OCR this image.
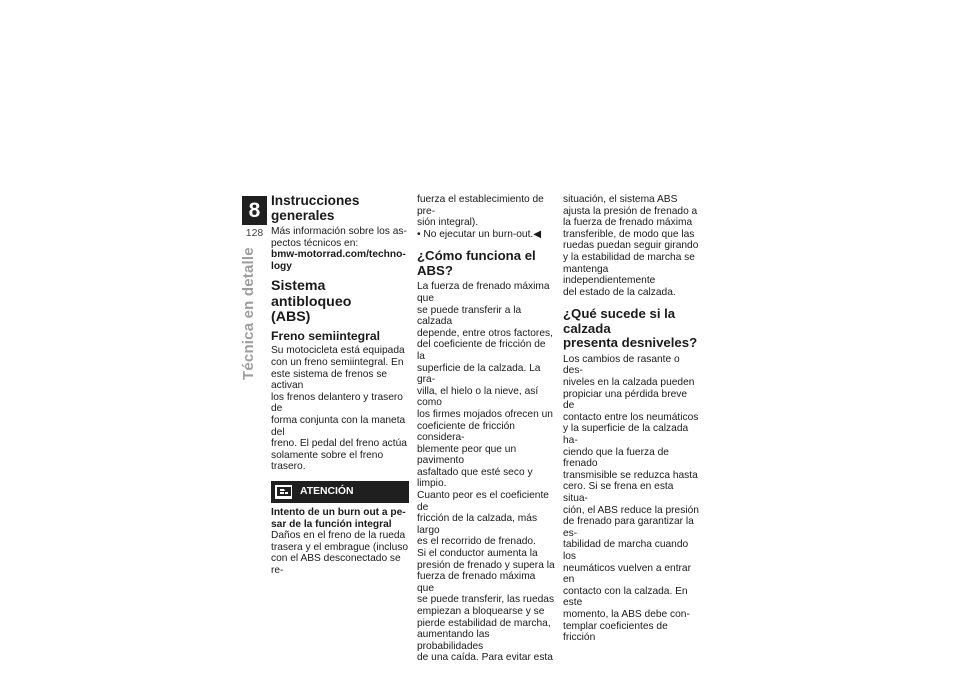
8
128
Técnica en detalle
Instrucciones generales

Más información sobre los as-
pectos técnicos en:

bmw-motorrad.com/techno-
logy

Sistema antibloqueo
(ABS)
Freno semiintegral

Su motocicleta está equipada
con un freno semiintegral. En
este sistema de frenos se activan
los frenos delantero y trasero de
forma conjunta con la maneta del
freno. El pedal del freno actúa
solamente sobre el freno trasero.

ATENCIÓN

Intento de un burn out a pe-
sar de la función integral

Daños en el freno de la rueda
trasera y el embrague (incluso
con el ABS desconectado se re-

fuerza el establecimiento de pre-
sión integral).

• No ejecutar un burn-out.◀

¿Cómo funciona el ABS?

La fuerza de frenado máxima que
se puede transferir a la calzada
depende, entre otros factores,
del coeficiente de fricción de la
superficie de la calzada. La gra-
villa, el hielo o la nieve, así como
los firmes mojados ofrecen un
coeficiente de fricción considera-
blemente peor que un pavimento
asfaltado que esté seco y limpio.
Cuanto peor es el coeficiente de
fricción de la calzada, más largo
es el recorrido de frenado.

Si el conductor aumenta la
presión de frenado y supera la
fuerza de frenado máxima que
se puede transferir, las ruedas
empiezan a bloquearse y se
pierde estabilidad de marcha,
aumentando las probabilidades
de una caída. Para evitar esta

situación, el sistema ABS
ajusta la presión de frenado a
la fuerza de frenado máxima
transferible, de modo que las
ruedas puedan seguir girando
y la estabilidad de marcha se
mantenga independientemente
del estado de la calzada.

¿Qué sucede si la calzada
presenta desniveles?

Los cambios de rasante o des-
niveles en la calzada pueden
propiciar una pérdida breve de
contacto entre los neumáticos
y la superficie de la calzada ha-
ciendo que la fuerza de frenado
transmisible se reduzca hasta
cero. Si se frena en esta situa-
ción, el ABS reduce la presión
de frenado para garantizar la es-
tabilidad de marcha cuando los
neumáticos vuelven a entrar en
contacto con la calzada. En este
momento, la ABS debe con-
templar coeficientes de fricción
